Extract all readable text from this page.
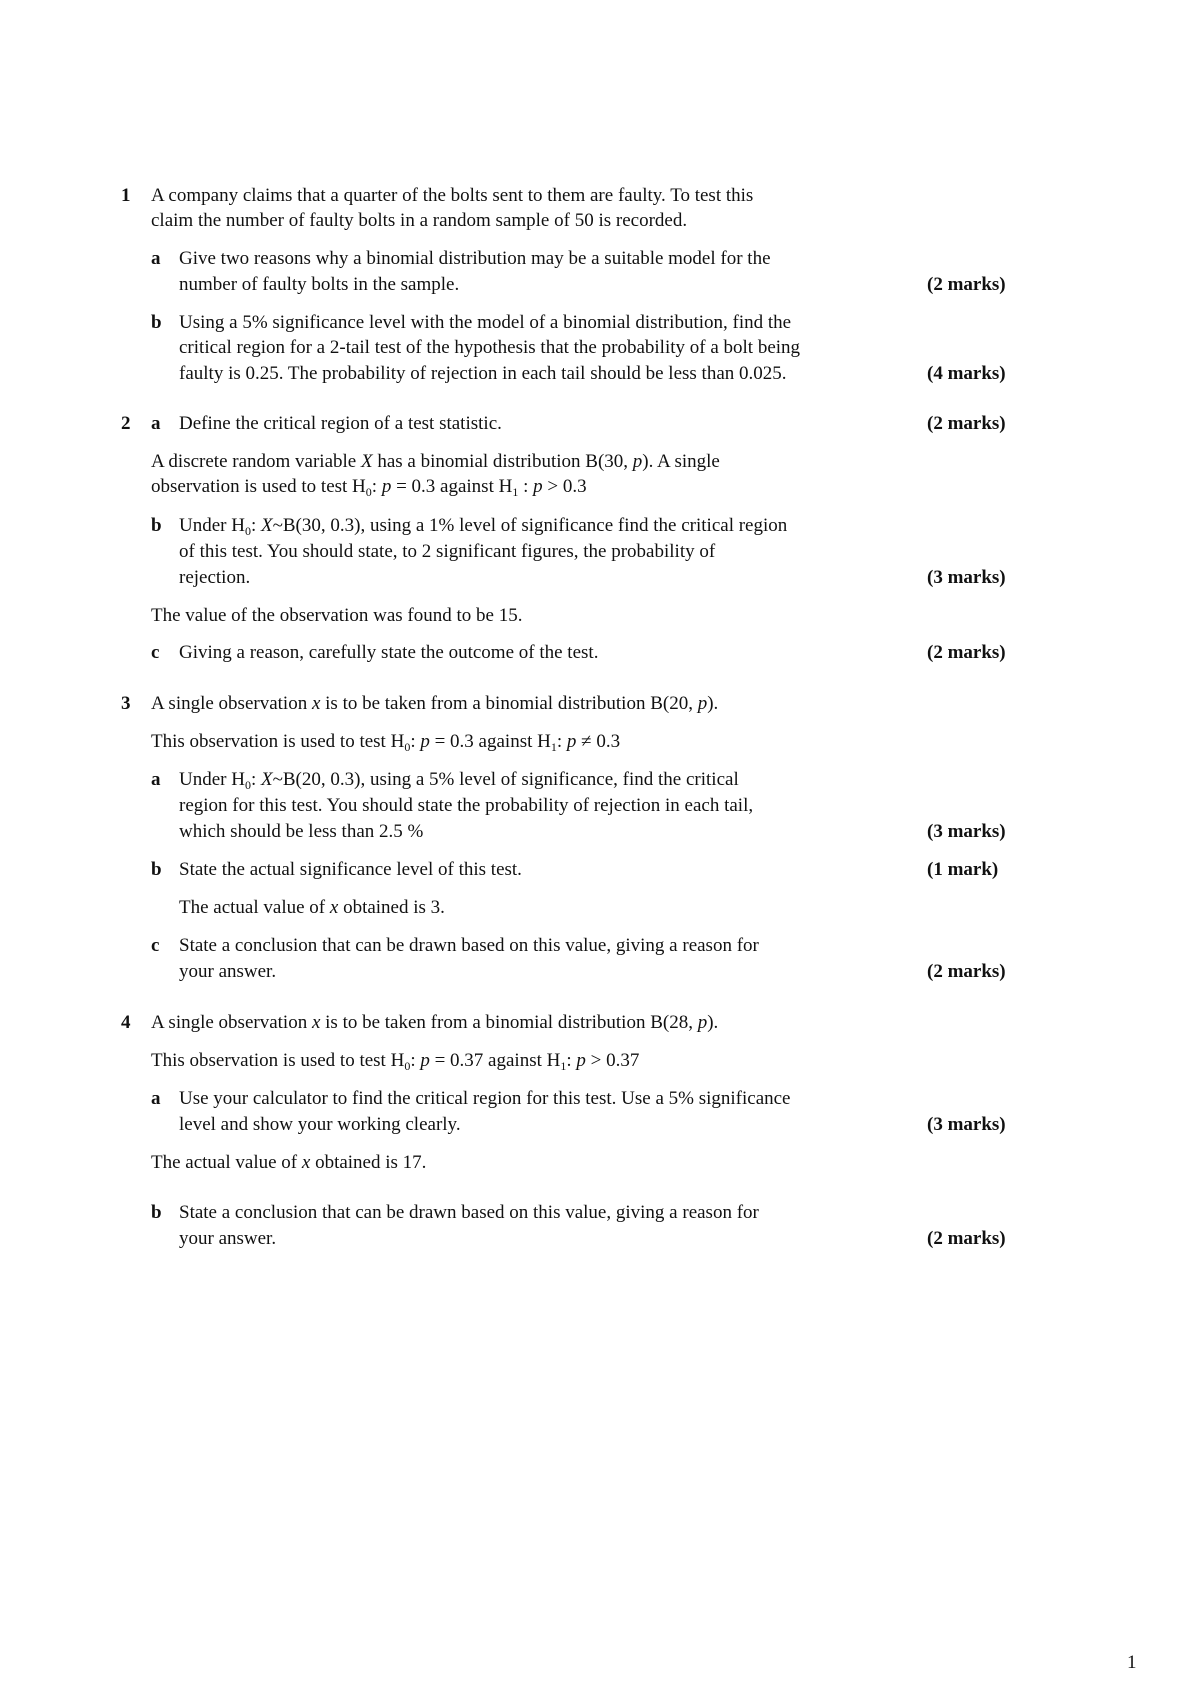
1 A company claims that a quarter of the bolts sent to them are faulty. To test this
claim the number of faulty bolts in a random sample of 50 is recorded.
a Give two reasons why a binomial distribution may be a suitable model for the
number of faulty bolts in the sample.	(2 marks)
b Using a 5% significance level with the model of a binomial distribution, find the
critical region for a 2-tail test of the hypothesis that the probability of a bolt being
faulty is 0.25. The probability of rejection in each tail should be less than 0.025.	(4 marks)
2 a Define the critical region of a test statistic.	(2 marks)
A discrete random variable X has a binomial distribution B(30, p). A single
observation is used to test $H_0$: p = 0.3 against $H_1$ : p > 0.3
b Under $H_0$: X~B(30, 0.3), using a 1% level of significance find the critical region
of this test. You should state, to 2 significant figures, the probability of
rejection.	(3 marks)
The value of the observation was found to be 15.
c Giving a reason, carefully state the outcome of the test.	(2 marks)
3 A single observation x is to be taken from a binomial distribution B(20, p).
This observation is used to test $H_0$: p = 0.3 against $H_1$: p ≠ 0.3
a Under $H_0$: X~B(20, 0.3), using a 5% level of significance, find the critical
region for this test. You should state the probability of rejection in each tail,
which should be less than 2.5 %	(3 marks)
b State the actual significance level of this test.	(1 mark)
The actual value of x obtained is 3.
c State a conclusion that can be drawn based on this value, giving a reason for
your answer.	(2 marks)
4 A single observation x is to be taken from a binomial distribution B(28, p).
This observation is used to test $H_0$: p = 0.37 against $H_1$: p > 0.37
a Use your calculator to find the critical region for this test. Use a 5% significance
level and show your working clearly.	(3 marks)
The actual value of x obtained is 17.
b State a conclusion that can be drawn based on this value, giving a reason for
your answer.	(2 marks)
1
